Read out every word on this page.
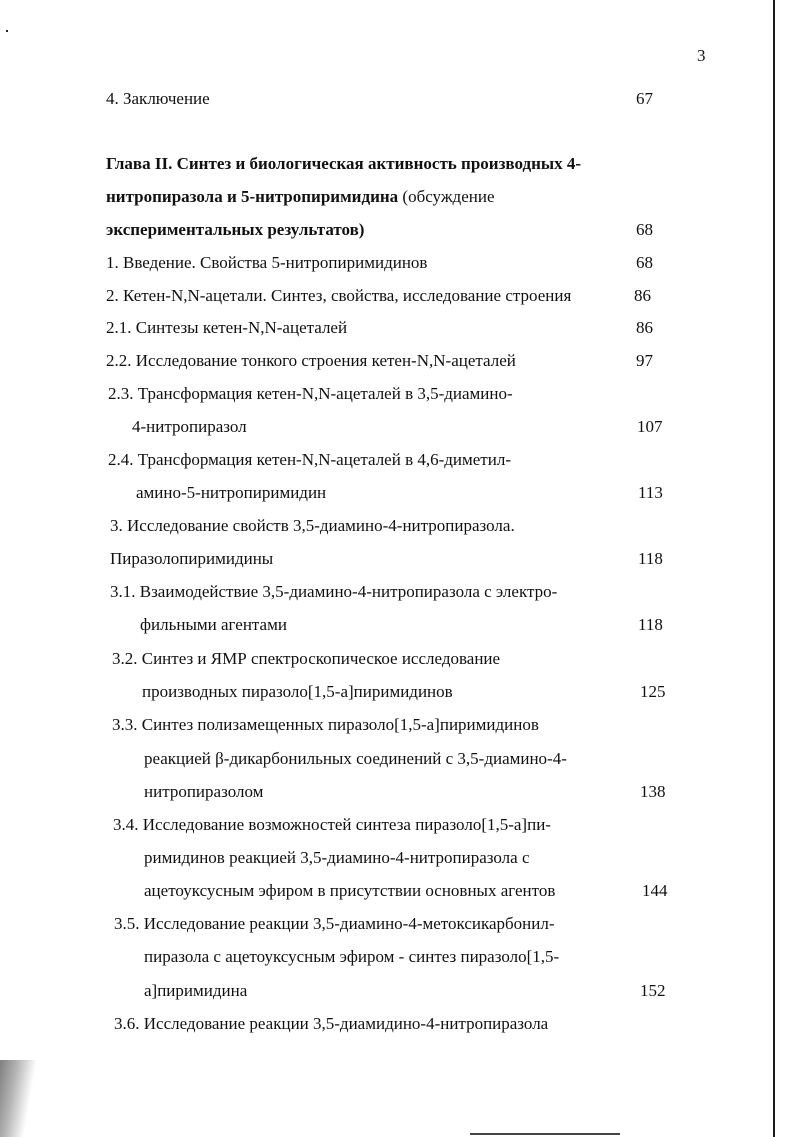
3
4. Заключение	67
Глава II. Синтез и биологическая активность производных 4-
нитропиразола и 5-нитропиримидина (обсуждение
экспериментальных результатов)	68
1. Введение. Свойства 5-нитропиримидинов	68
2. Кетен-N,N-ацетали. Синтез, свойства, исследование строения	86
2.1. Синтезы кетен-N,N-ацеталей	86
2.2. Исследование тонкого строения кетен-N,N-ацеталей	97
2.3. Трансформация кетен-N,N-ацеталей в 3,5-диамино-
4-нитропиразол	107
2.4. Трансформация кетен-N,N-ацеталей в 4,6-диметил-
амино-5-нитропиримидин	113
3. Исследование свойств 3,5-диамино-4-нитропиразола.
Пиразолопиримидины	118
3.1. Взаимодействие 3,5-диамино-4-нитропиразола с электро-
фильными агентами	118
3.2. Синтез и ЯМР спектроскопическое исследование
производных пиразоло[1,5-a]пиримидинов	125
3.3. Синтез полизамещенных пиразоло[1,5-a]пиримидинов
реакцией β-дикарбонильных соединений с 3,5-диамино-4-
нитропиразолом	138
3.4. Исследование возможностей синтеза пиразоло[1,5-a]пи-
римидинов реакцией 3,5-диамино-4-нитропиразола с
ацетоуксусным эфиром в присутствии основных агентов	144
3.5. Исследование реакции 3,5-диамино-4-метоксикарбонил-
пиразола с ацетоуксусным эфиром - синтез пиразоло[1,5-
a]пиримидина	152
3.6. Исследование реакции 3,5-диамидино-4-нитропиразола
